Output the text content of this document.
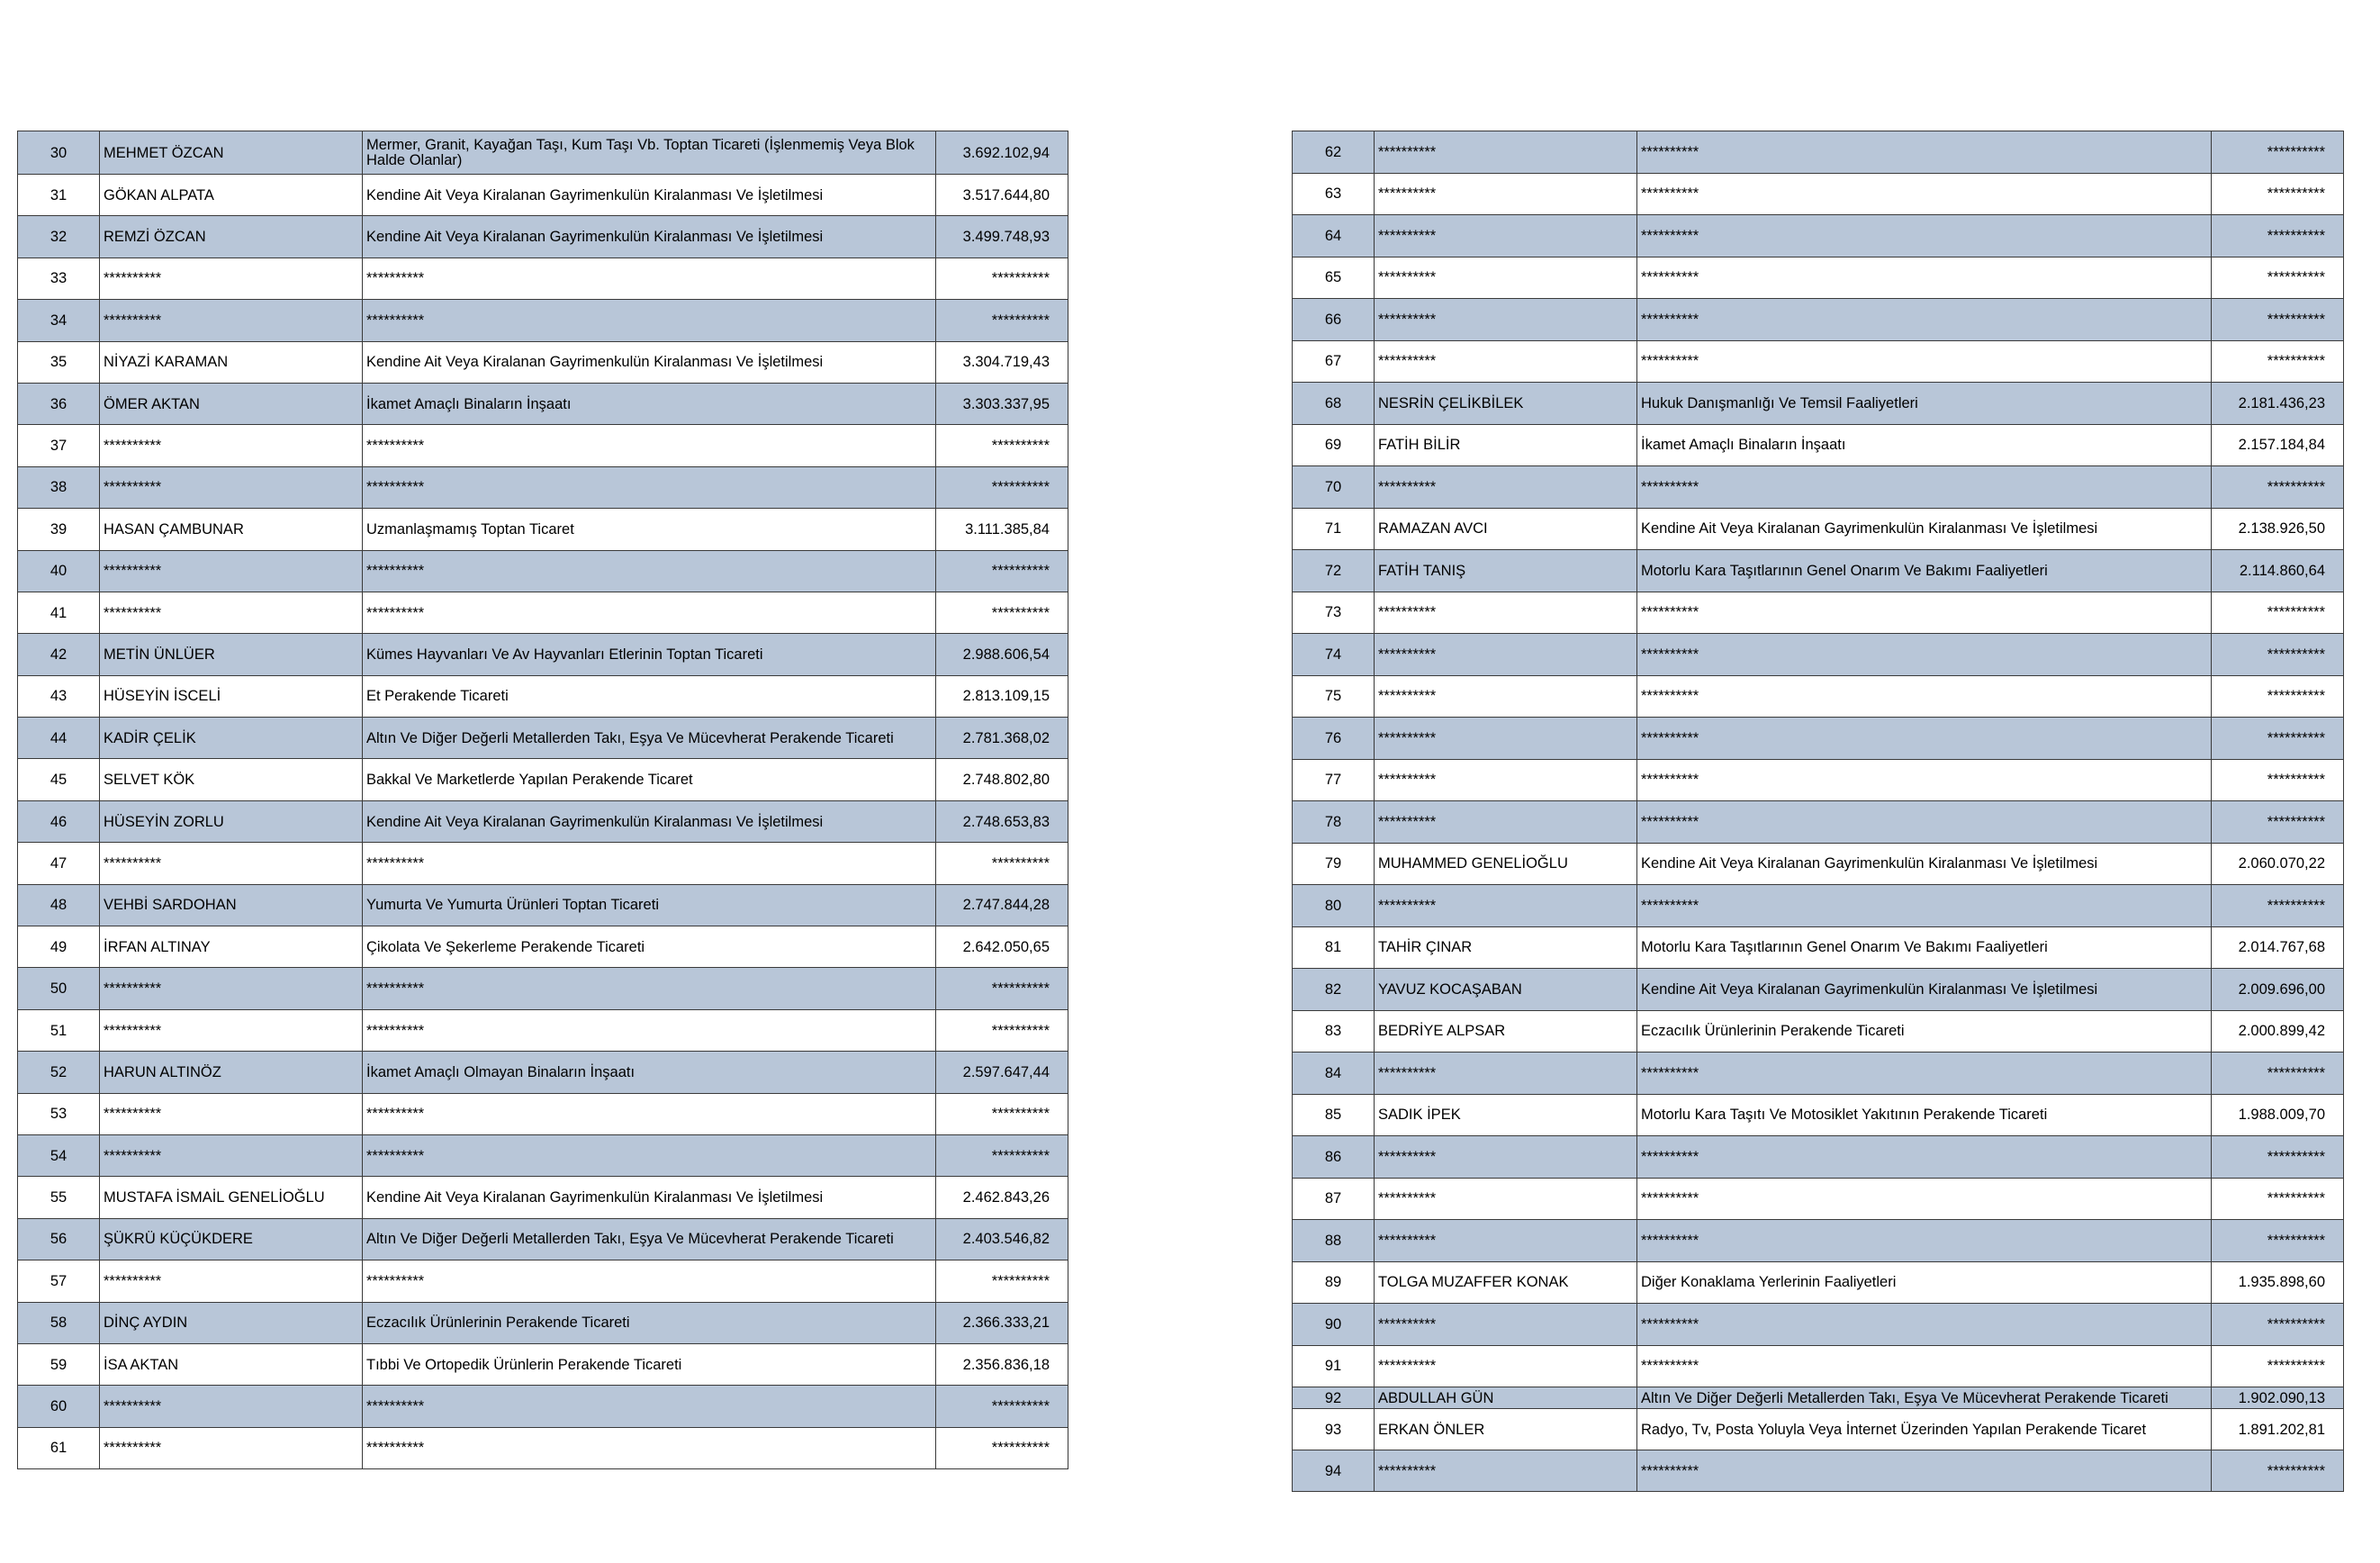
30	MEHMET ÖZCAN	Mermer, Granit, Kayağan Taşı, Kum Taşı Vb. Toptan Ticareti (İşlenmemiş Veya Blok Halde Olanlar)	3.692.102,94
31	GÖKAN ALPATA	Kendine Ait Veya Kiralanan Gayrimenkulün Kiralanması Ve İşletilmesi	3.517.644,80
32	REMZİ ÖZCAN	Kendine Ait Veya Kiralanan Gayrimenkulün Kiralanması Ve İşletilmesi	3.499.748,93
33	**********	**********	**********
34	**********	**********	**********
35	NİYAZİ KARAMAN	Kendine Ait Veya Kiralanan Gayrimenkulün Kiralanması Ve İşletilmesi	3.304.719,43
36	ÖMER AKTAN	İkamet Amaçlı Binaların İnşaatı	3.303.337,95
37	**********	**********	**********
38	**********	**********	**********
39	HASAN ÇAMBUNAR	Uzmanlaşmamış Toptan Ticaret	3.111.385,84
40	**********	**********	**********
41	**********	**********	**********
42	METİN ÜNLÜER	Kümes Hayvanları Ve Av Hayvanları Etlerinin Toptan Ticareti	2.988.606,54
43	HÜSEYİN İSCELİ	Et Perakende Ticareti	2.813.109,15
44	KADİR ÇELİK	Altın Ve Diğer Değerli Metallerden Takı, Eşya Ve Mücevherat Perakende Ticareti	2.781.368,02
45	SELVET KÖK	Bakkal Ve Marketlerde Yapılan Perakende Ticaret	2.748.802,80
46	HÜSEYİN ZORLU	Kendine Ait Veya Kiralanan Gayrimenkulün Kiralanması Ve İşletilmesi	2.748.653,83
47	**********	**********	**********
48	VEHBİ SARDOHAN	Yumurta Ve Yumurta Ürünleri Toptan Ticareti	2.747.844,28
49	İRFAN ALTINAY	Çikolata Ve Şekerleme Perakende Ticareti	2.642.050,65
50	**********	**********	**********
51	**********	**********	**********
52	HARUN ALTINÖZ	İkamet Amaçlı Olmayan Binaların İnşaatı	2.597.647,44
53	**********	**********	**********
54	**********	**********	**********
55	MUSTAFA İSMAİL GENELİOĞLU	Kendine Ait Veya Kiralanan Gayrimenkulün Kiralanması Ve İşletilmesi	2.462.843,26
56	ŞÜKRÜ KÜÇÜKDERE	Altın Ve Diğer Değerli Metallerden Takı, Eşya Ve Mücevherat Perakende Ticareti	2.403.546,82
57	**********	**********	**********
58	DİNÇ AYDIN	Eczacılık Ürünlerinin Perakende Ticareti	2.366.333,21
59	İSA AKTAN	Tıbbi Ve Ortopedik Ürünlerin Perakende Ticareti	2.356.836,18
60	**********	**********	**********
61	**********	**********	**********
62	**********	**********	**********
63	**********	**********	**********
64	**********	**********	**********
65	**********	**********	**********
66	**********	**********	**********
67	**********	**********	**********
68	NESRİN ÇELİKBİLEK	Hukuk Danışmanlığı Ve Temsil Faaliyetleri	2.181.436,23
69	FATİH BİLİR	İkamet Amaçlı Binaların İnşaatı	2.157.184,84
70	**********	**********	**********
71	RAMAZAN AVCI	Kendine Ait Veya Kiralanan Gayrimenkulün Kiralanması Ve İşletilmesi	2.138.926,50
72	FATİH TANIŞ	Motorlu Kara Taşıtlarının Genel Onarım Ve Bakımı Faaliyetleri	2.114.860,64
73	**********	**********	**********
74	**********	**********	**********
75	**********	**********	**********
76	**********	**********	**********
77	**********	**********	**********
78	**********	**********	**********
79	MUHAMMED GENELİOĞLU	Kendine Ait Veya Kiralanan Gayrimenkulün Kiralanması Ve İşletilmesi	2.060.070,22
80	**********	**********	**********
81	TAHİR ÇINAR	Motorlu Kara Taşıtlarının Genel Onarım Ve Bakımı Faaliyetleri	2.014.767,68
82	YAVUZ KOCAŞABAN	Kendine Ait Veya Kiralanan Gayrimenkulün Kiralanması Ve İşletilmesi	2.009.696,00
83	BEDRİYE ALPSAR	Eczacılık Ürünlerinin Perakende Ticareti	2.000.899,42
84	**********	**********	**********
85	SADIK İPEK	Motorlu Kara Taşıtı Ve Motosiklet Yakıtının Perakende Ticareti	1.988.009,70
86	**********	**********	**********
87	**********	**********	**********
88	**********	**********	**********
89	TOLGA MUZAFFER KONAK	Diğer Konaklama Yerlerinin Faaliyetleri	1.935.898,60
90	**********	**********	**********
91	**********	**********	**********
92	ABDULLAH GÜN	Altın Ve Diğer Değerli Metallerden Takı, Eşya Ve Mücevherat Perakende Ticareti	1.902.090,13
93	ERKAN ÖNLER	Radyo, Tv, Posta Yoluyla Veya İnternet Üzerinden Yapılan Perakende Ticaret	1.891.202,81
94	**********	**********	**********
